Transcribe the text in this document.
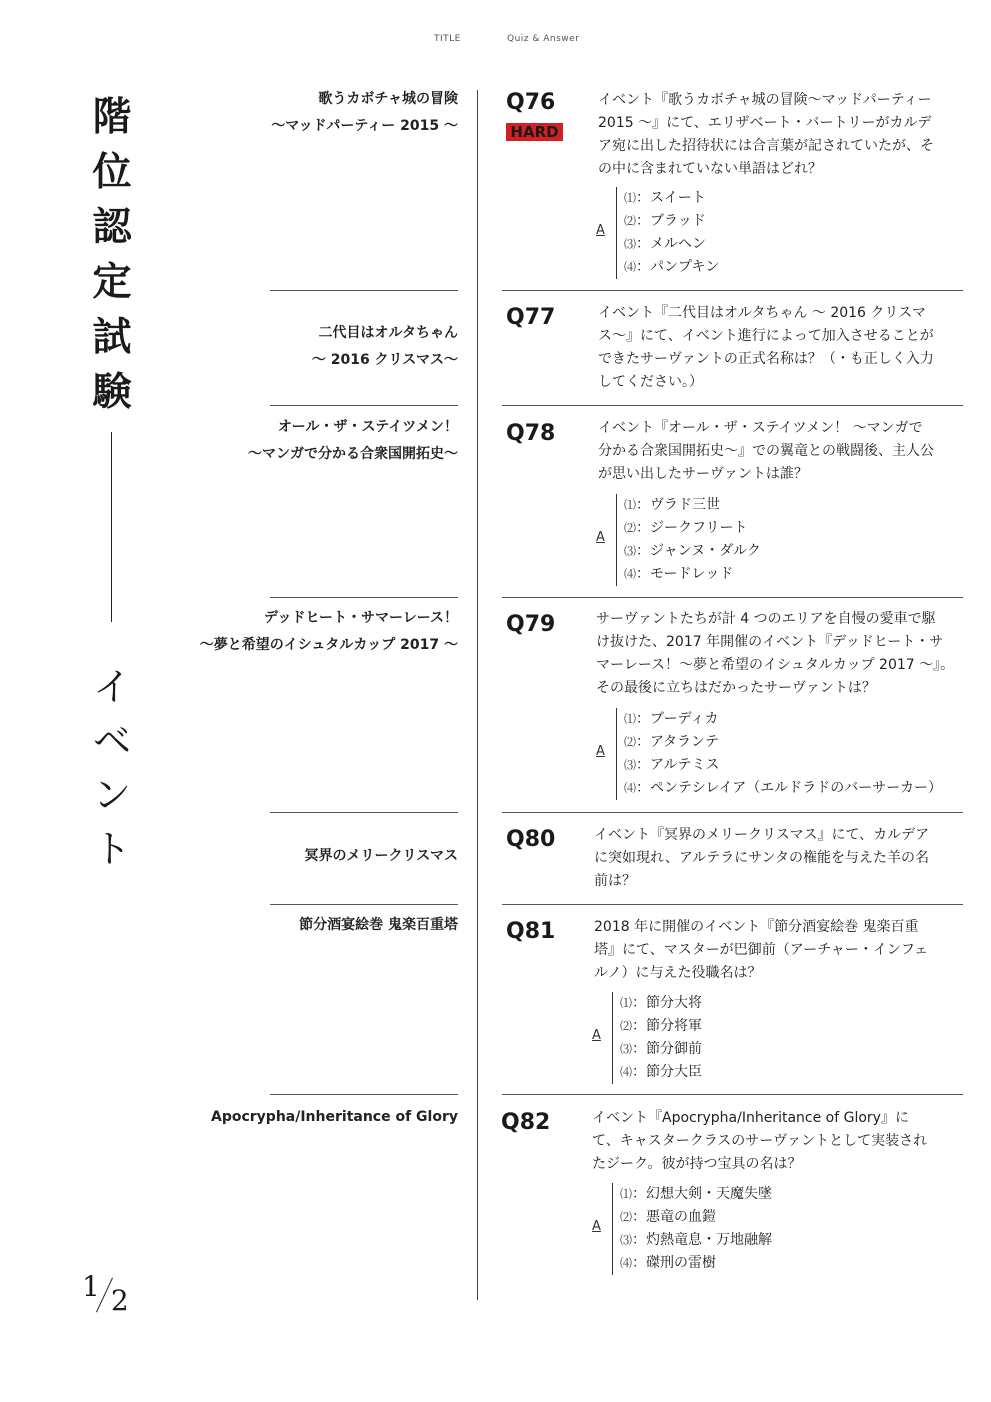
TITLE	Quiz & Answer
階
位
認
定
試
験
イ
ベ
ン
ト
1 2
歌うカボチャ城の冒険
〜マッドパーティー 2015 〜
二代目はオルタちゃん
〜 2016 クリスマス〜
オール・ザ・ステイツメン！
〜マンガで分かる合衆国開拓史〜
デッドヒート・サマーレース！
〜夢と希望のイシュタルカップ 2017 〜
冥界のメリークリスマス
節分酒宴絵巻 鬼楽百重塔
Apocrypha/Inheritance of Glory
Q76
HARD
イベント『歌うカボチャ城の冒険〜マッドパーティー
2015 〜』にて、エリザベート・バートリーがカルデ
ア宛に出した招待状には合言葉が記されていたが、そ
の中に含まれていない単語はどれ？
A
⑴：スイート
⑵：ブラッド
⑶：メルヘン
⑷：パンプキン
Q77	イベント『二代目はオルタちゃん 〜 2016 クリスマ
ス〜』にて、イベント進行によって加入させることが
できたサーヴァントの正式名称は？（・も正しく入力
してください。）
Q78	イベント『オール・ザ・ステイツメン！ 〜マンガで
分かる合衆国開拓史〜』での翼竜との戦闘後、主人公
が思い出したサーヴァントは誰？
A
⑴：ヴラド三世
⑵：ジークフリート
⑶：ジャンヌ・ダルク
⑷：モードレッド
Q79	サーヴァントたちが計 4 つのエリアを自慢の愛車で駆
け抜けた、2017 年開催のイベント『デッドヒート・サ
マーレース！〜夢と希望のイシュタルカップ 2017 〜』。
その最後に立ちはだかったサーヴァントは？
A
⑴：ブーディカ
⑵：アタランテ
⑶：アルテミス
⑷：ペンテシレイア（エルドラドのバーサーカー）
Q80	イベント『冥界のメリークリスマス』にて、カルデア
に突如現れ、アルテラにサンタの権能を与えた羊の名
前は？
Q81	2018 年に開催のイベント『節分酒宴絵巻 鬼楽百重
塔』にて、マスターが巴御前（アーチャー・インフェ
ルノ）に与えた役職名は？
A
⑴：節分大将
⑵：節分将軍
⑶：節分御前
⑷：節分大臣
Q82	イベント『Apocrypha/Inheritance of Glory』に
て、キャスタークラスのサーヴァントとして実装され
たジーク。彼が持つ宝具の名は？
A
⑴：幻想大剣・天魔失墜
⑵：悪竜の血鎧
⑶：灼熱竜息・万地融解
⑷：磔刑の雷樹
